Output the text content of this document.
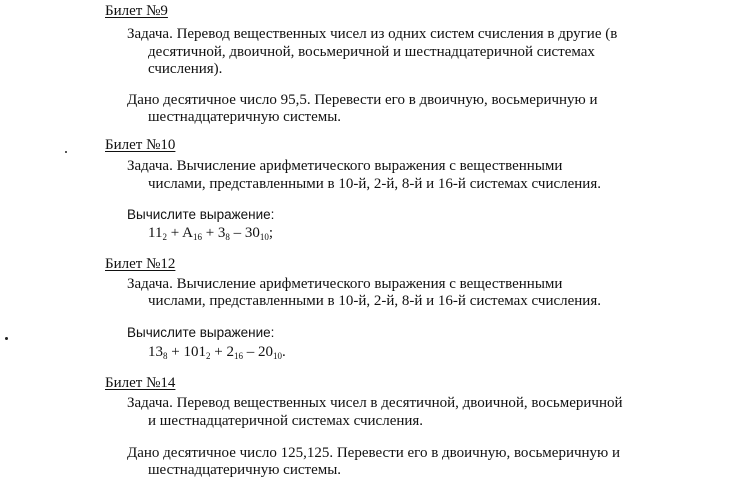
Билет №9
Задача. Перевод вещественных чисел из одних систем счисления в другие (в
десятичной, двоичной, восьмеричной и шестнадцатеричной системах
счисления).
Дано десятичное число 95,5. Перевести его в двоичную, восьмеричную и
шестнадцатеричную системы.
Билет №10
Задача. Вычисление арифметического выражения с вещественными
числами, представленными в 10-й, 2-й, 8-й и 16-й системах счисления.
Вычислите выражение:
$11_2 + A_{16} + 3_8 - 30_{10}$;
Билет №12
Задача. Вычисление арифметического выражения с вещественными
числами, представленными в 10-й, 2-й, 8-й и 16-й системах счисления.
Вычислите выражение:
$13_8 + 101_2 + 2_{16} - 20_{10}$.
Билет №14
Задача. Перевод вещественных чисел в десятичной, двоичной, восьмеричной
и шестнадцатеричной системах счисления.
Дано десятичное число 125,125. Перевести его в двоичную, восьмеричную и
шестнадцатеричную системы.
